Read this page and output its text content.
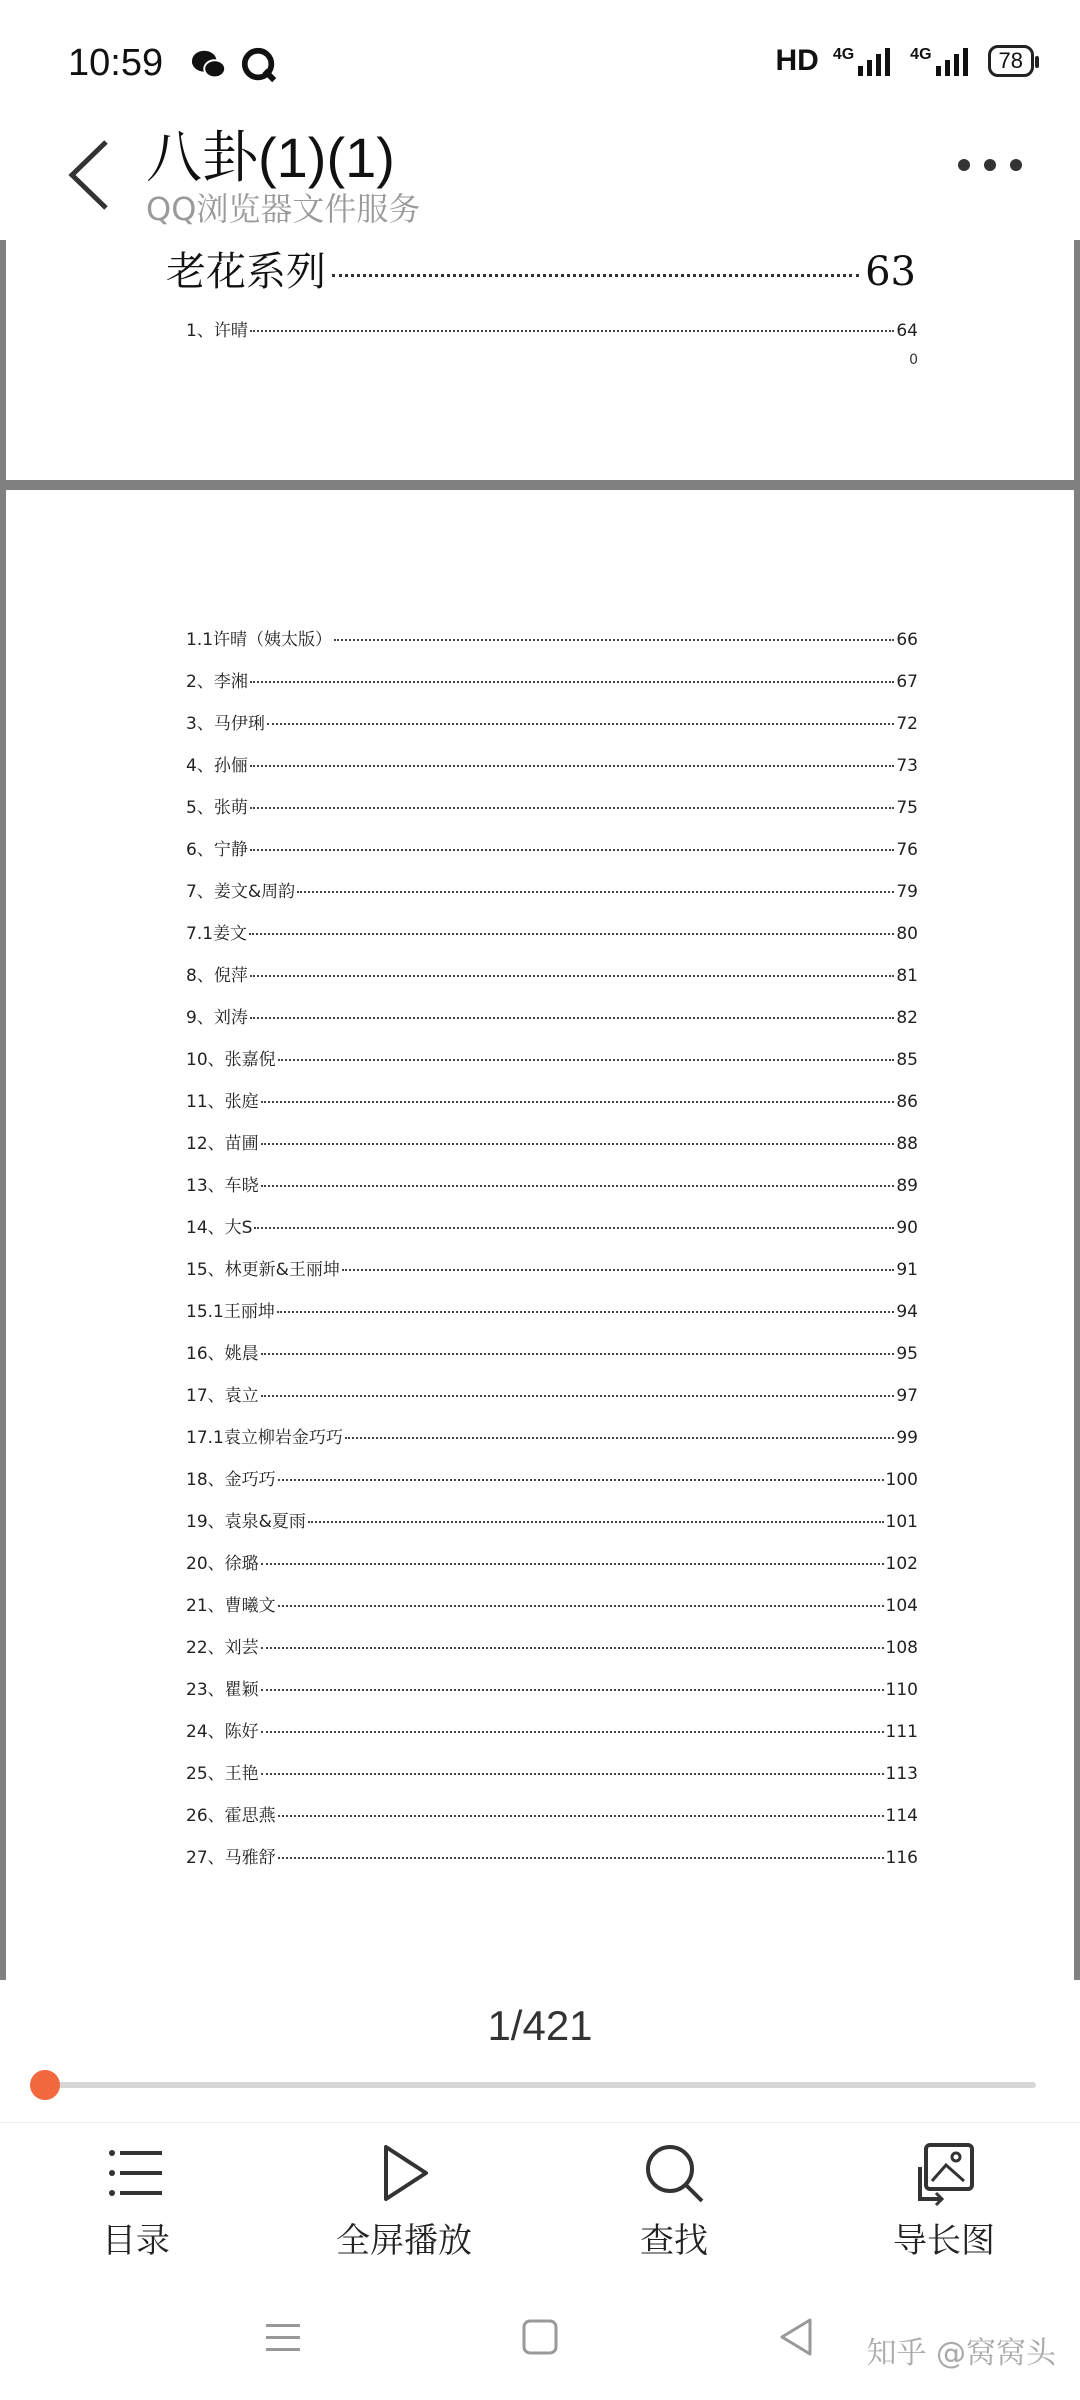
10:59	HD 4G	4G	78
八卦(1)(1)
QQ浏览器文件服务
老花系列	63
1、许晴	64
0
1.1许晴（姨太版）	66
2、李湘	67
3、马伊琍	72
4、孙俪	73
5、张萌	75
6、宁静	76
7、姜文&周韵	79
7.1姜文	80
8、倪萍	81
9、刘涛	82
10、张嘉倪	85
11、张庭	86
12、苗圃	88
13、车晓	89
14、大S	90
15、林更新&王丽坤	91
15.1王丽坤	94
16、姚晨	95
17、袁立	97
17.1袁立柳岩金巧巧	99
18、金巧巧	100
19、袁泉&夏雨	101
20、徐璐	102
21、曹曦文	104
22、刘芸	108
23、瞿颖	110
24、陈好	111
25、王艳	113
26、霍思燕	114
27、马雅舒	116
1/421
目录	全屏播放	查找	导长图
知乎 @窝窝头
